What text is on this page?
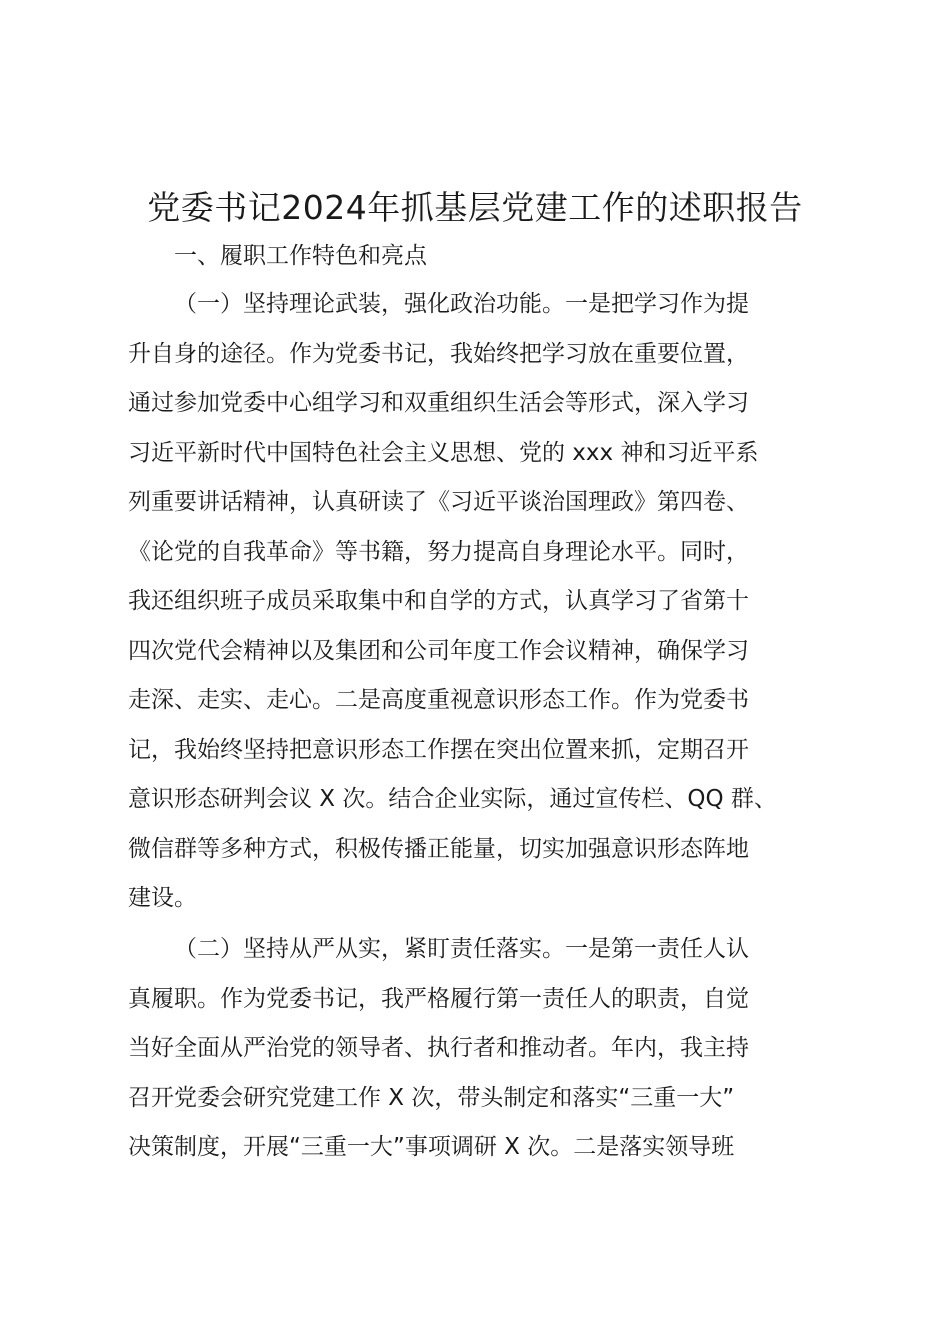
党委书记2024年抓基层党建工作的述职报告
一、履职工作特色和亮点
（一）坚持理论武装，强化政治功能。一是把学习作为提
升自身的途径。作为党委书记，我始终把学习放在重要位置，
通过参加党委中心组学习和双重组织生活会等形式，深入学习
习近平新时代中国特色社会主义思想、党的 xxx 神和习近平系
列重要讲话精神，认真研读了《习近平谈治国理政》第四卷、
《论党的自我革命》等书籍，努力提高自身理论水平。同时，
我还组织班子成员采取集中和自学的方式，认真学习了省第十
四次党代会精神以及集团和公司年度工作会议精神，确保学习
走深、走实、走心。二是高度重视意识形态工作。作为党委书
记，我始终坚持把意识形态工作摆在突出位置来抓，定期召开
意识形态研判会议 X 次。结合企业实际，通过宣传栏、QQ 群、
微信群等多种方式，积极传播正能量，切实加强意识形态阵地
建设。
（二）坚持从严从实，紧盯责任落实。一是第一责任人认
真履职。作为党委书记，我严格履行第一责任人的职责，自觉
当好全面从严治党的领导者、执行者和推动者。年内，我主持
召开党委会研究党建工作 X 次，带头制定和落实“三重一大”
决策制度，开展“三重一大”事项调研 X 次。二是落实领导班
